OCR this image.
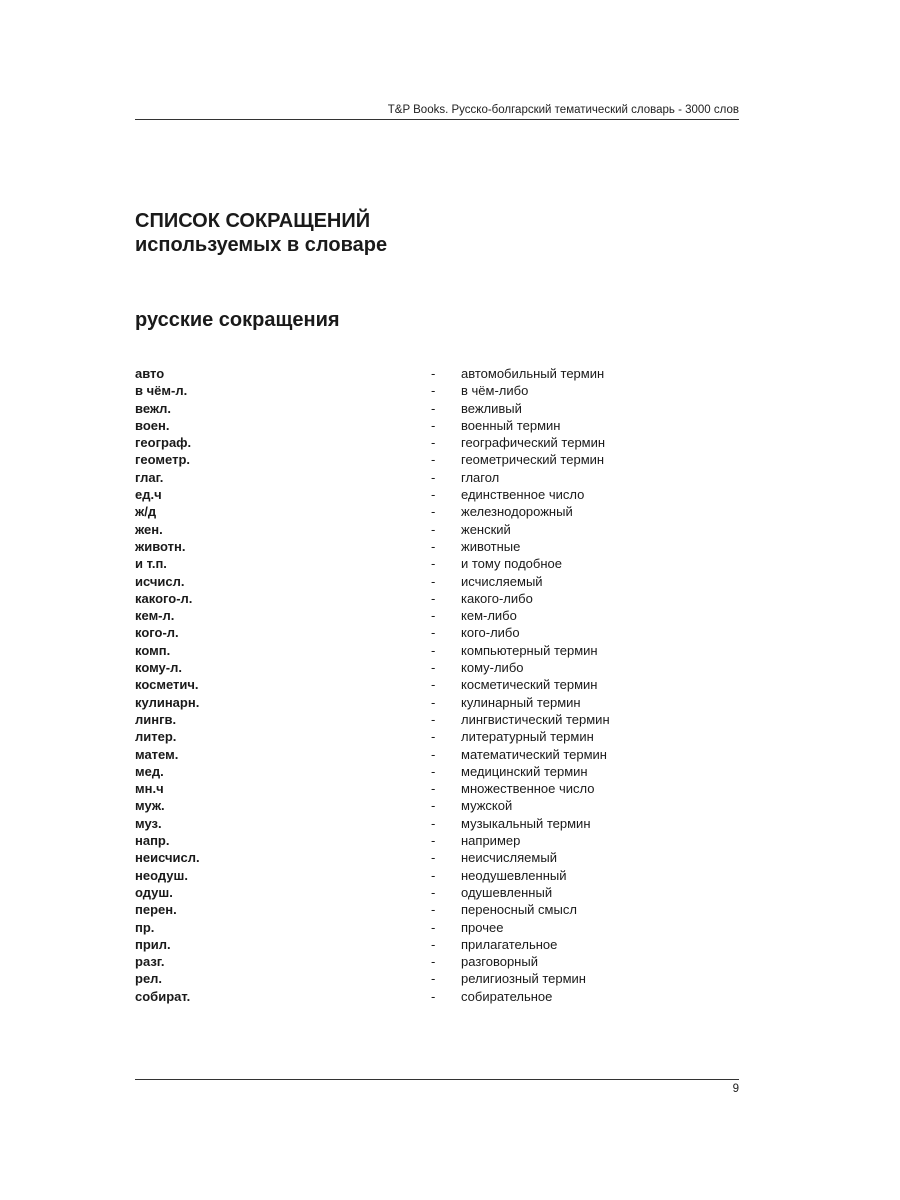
T&P Books. Русско-болгарский тематический словарь - 3000 слов
СПИСОК СОКРАЩЕНИЙ
используемых в словаре
русские сокращения
авто	- автомобильный термин
в чём-л.	- в чём-либо
вежл.	- вежливый
воен.	- военный термин
географ.	- географический термин
геометр.	- геометрический термин
глаг.	- глагол
ед.ч	- единственное число
ж/д	- железнодорожный
жен.	- женский
животн.	- животные
и т.п.	- и тому подобное
исчисл.	- исчисляемый
какого-л.	- какого-либо
кем-л.	- кем-либо
кого-л.	- кого-либо
комп.	- компьютерный термин
кому-л.	- кому-либо
косметич.	- косметический термин
кулинарн.	- кулинарный термин
лингв.	- лингвистический термин
литер.	- литературный термин
матем.	- математический термин
мед.	- медицинский термин
мн.ч	- множественное число
муж.	- мужской
муз.	- музыкальный термин
напр.	- например
неисчисл.	- неисчисляемый
неодуш.	- неодушевленный
одуш.	- одушевленный
перен.	- переносный смысл
пр.	- прочее
прил.	- прилагательное
разг.	- разговорный
рел.	- религиозный термин
собират.	- собирательное
9
